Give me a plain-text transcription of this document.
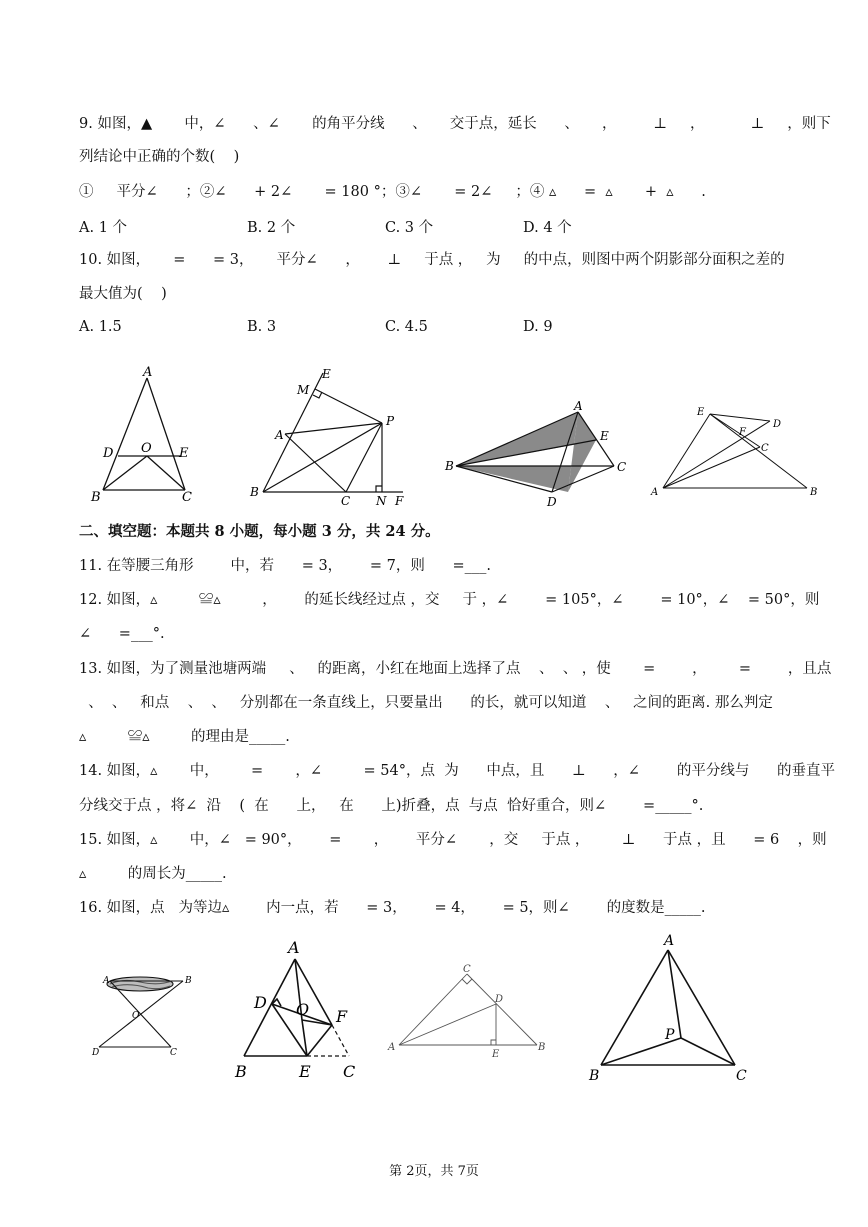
9. 如图，▲       中，∠      、∠       的角平分线      、     交于点，延长      、     ，        ⊥     ，          ⊥     ，则下
列结论中正确的个数(    )
①     平分∠      ；②∠      + 2∠       = 180 °；③∠       = 2∠     ；④ ▵      =  ▵       +  ▵      .
A. 1 个	B. 2 个	C. 3 个	D. 4 个
10. 如图，     =      = 3，     平分∠      ，      ⊥     于点 ，   为     的中点，则图中两个阴影部分面积之差的
最大值为(    )
A. 1.5	B. 3	C. 4.5	D. 9
A
D O E
B	C
M
E
P
A
B
C N F
A
E
B	C
D
E
D
F
C
A	B
二、填空题：本题共 8 小题，每小题 3 分，共 24 分。
11. 在等腰三角形        中，若      = 3，      = 7，则      =___.
12. 如图，▵         ≌▵         ，      的延长线经过点 ，交     于 ，∠        = 105°，∠        = 10°，∠    = 50°，则
∠      =___°.
13. 如图，为了测量池塘两端     、   的距离，小红在地面上选择了点    、  、 ，使       =        ，       =        ，且点
、  、   和点    、  、   分别都在一条直线上，只要量出      的长，就可以知道    、   之间的距离. 那么判定
▵         ≌▵         的理由是_____.
14. 如图，▵       中，       =       ，∠         = 54°，点  为      中点，且      ⊥      ，∠        的平分线与      的垂直平
分线交于点 ，将∠  沿    (  在      上，   在      上)折叠，点  与点  恰好重合，则∠        =_____°.
15. 如图，▵       中，∠   = 90°，      =       ，      平分∠       ，交     于点 ，       ⊥      于点 ，且      = 6    ，则
▵         的周长为_____.
16. 如图，点   为等边▵        内一点，若      = 3，      = 4，      = 5，则∠        的度数是_____.
A	B
O
D	C
A
D O F
B	E C
C
D
A
E
B
A
P
B	C
第 2页，共 7页
